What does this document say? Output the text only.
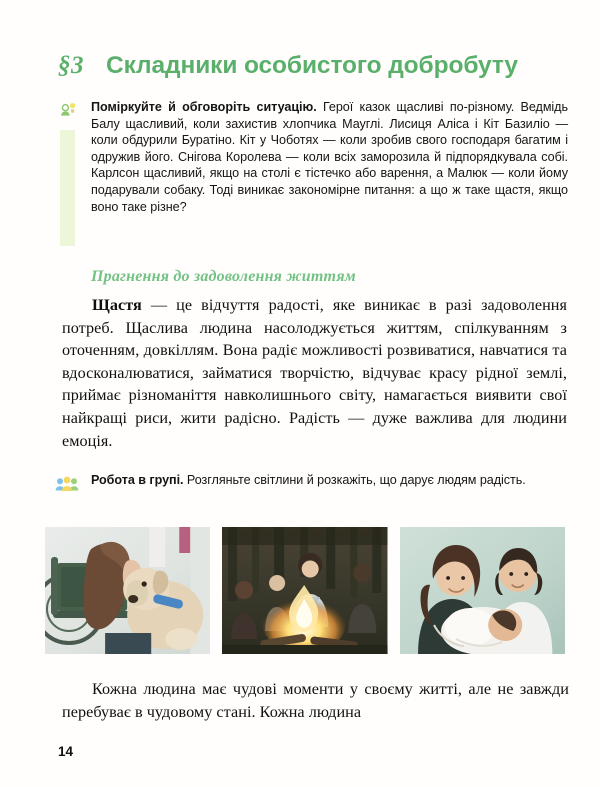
§3 Складники особистого добробуту
Поміркуйте й обговоріть ситуацію. Герої казок щасливі по-різному. Ведмідь Балу щасливий, коли захистив хлопчика Мауглі. Лисиця Аліса і Кіт Базиліо — коли обдурили Буратіно. Кіт у Чоботях — коли зробив свого господаря багатим і одружив його. Снігова Королева — коли всіх заморозила й підпорядкувала собі. Карлсон щасливий, якщо на столі є тістечко або варення, а Малюк — коли йому подарували собаку. Тоді виникає закономірне питання: а що ж таке щастя, якщо воно таке різне?
Прагнення до задоволення життям
Щастя — це відчуття радості, яке виникає в разі задоволення потреб. Щаслива людина насолоджується життям, спілкуванням з оточенням, довкіллям. Вона радіє можливості розвиватися, навчатися та вдосконалюватися, займатися творчістю, відчуває красу рідної землі, приймає різноманіття навколишнього світу, намагається виявити свої найкращі риси, жити радісно. Радість — дуже важлива для людини емоція.
Робота в групі. Розгляньте світлини й розкажіть, що дарує людям радість.
Кожна людина має чудові моменти у своєму житті, але не завжди перебуває в чудовому стані. Кожна людина
14
